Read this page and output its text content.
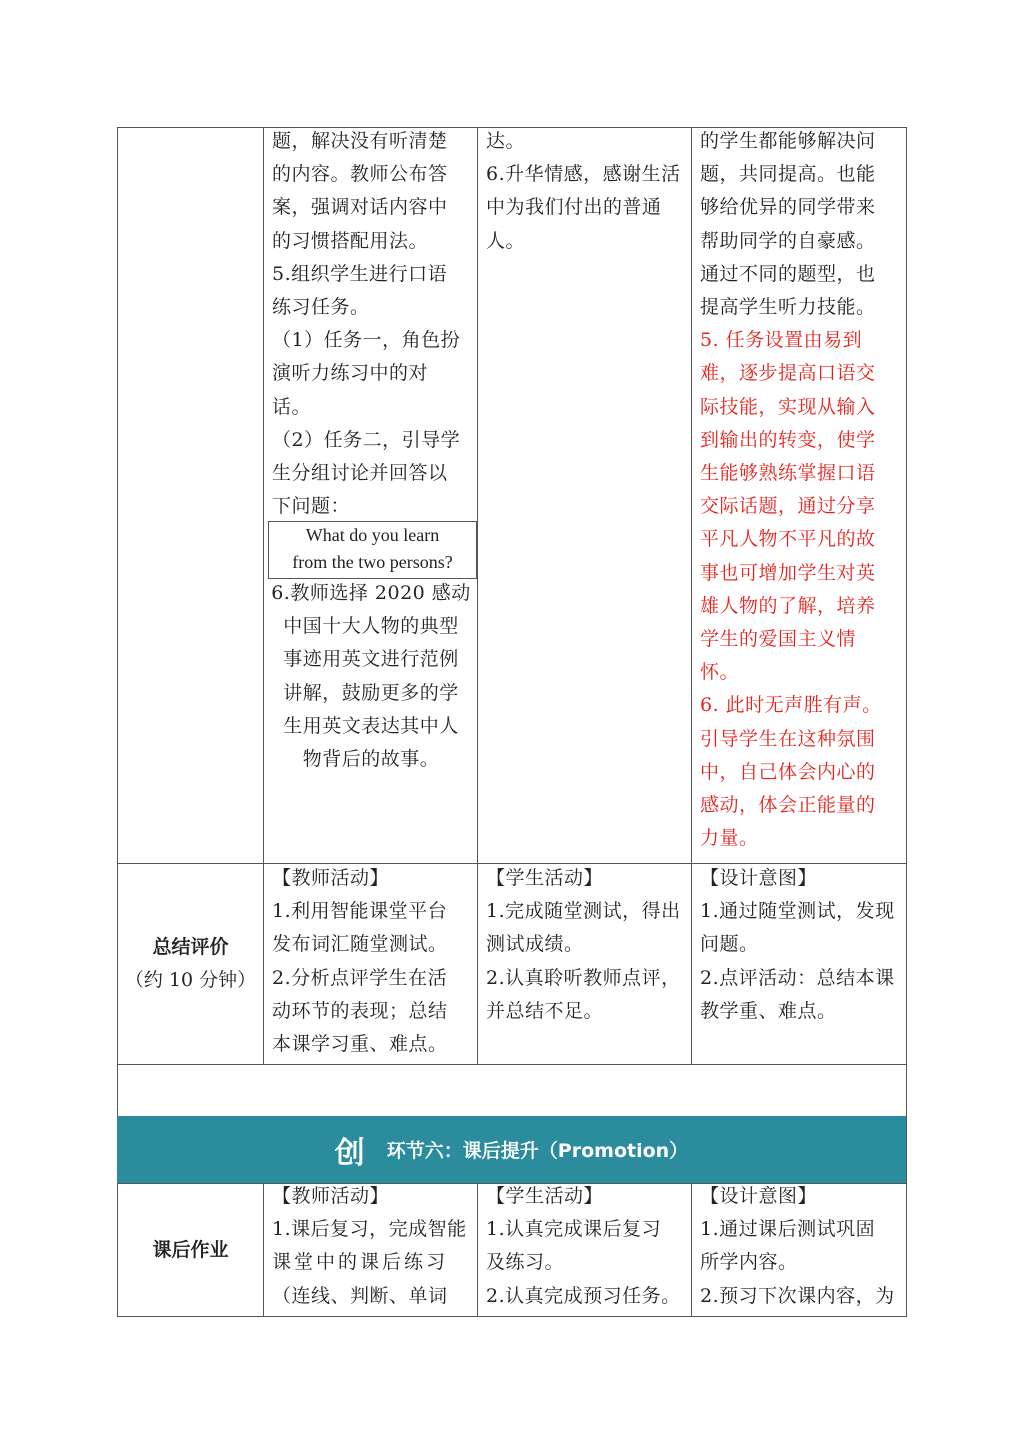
题，解决没有听清楚

的内容。教师公布答

案，强调对话内容中

的习惯搭配用法。

5.组织学生进行口语

练习任务。

（1）任务一，角色扮

演听力练习中的对

话。

（2）任务二，引导学

生分组讨论并回答以

下问题：

What do you learn
from the two persons?

6.教师选择 2020 感动

中国十大人物的典型

事迹用英文进行范例

讲解，鼓励更多的学

生用英文表达其中人

物背后的故事。

达。

6.升华情感，感谢生活

中为我们付出的普通

人。

的学生都能够解决问

题，共同提高。也能

够给优异的同学带来

帮助同学的自豪感。

通过不同的题型，也

提高学生听力技能。

5. 任务设置由易到

难，逐步提高口语交

际技能，实现从输入

到输出的转变，使学

生能够熟练掌握口语

交际话题，通过分享

平凡人物不平凡的故

事也可增加学生对英

雄人物的了解，培养

学生的爱国主义情

怀。

6. 此时无声胜有声。

引导学生在这种氛围

中，自己体会内心的

感动，体会正能量的

力量。

总结评价
（约 10 分钟）

【教师活动】

1.利用智能课堂平台

发布词汇随堂测试。

2.分析点评学生在活

动环节的表现；总结

本课学习重、难点。

【学生活动】

1.完成随堂测试，得出

测试成绩。

2.认真聆听教师点评，

并总结不足。

【设计意图】

1.通过随堂测试，发现

问题。

2.点评活动：总结本课

教学重、难点。

创 环节六：课后提升（Promotion）
课后作业

【教师活动】

1.课后复习，完成智能

课堂中的课后练习

（连线、判断、单词

【学生活动】

1.认真完成课后复习

及练习。

2.认真完成预习任务。

【设计意图】

1.通过课后测试巩固

所学内容。

2.预习下次课内容，为
